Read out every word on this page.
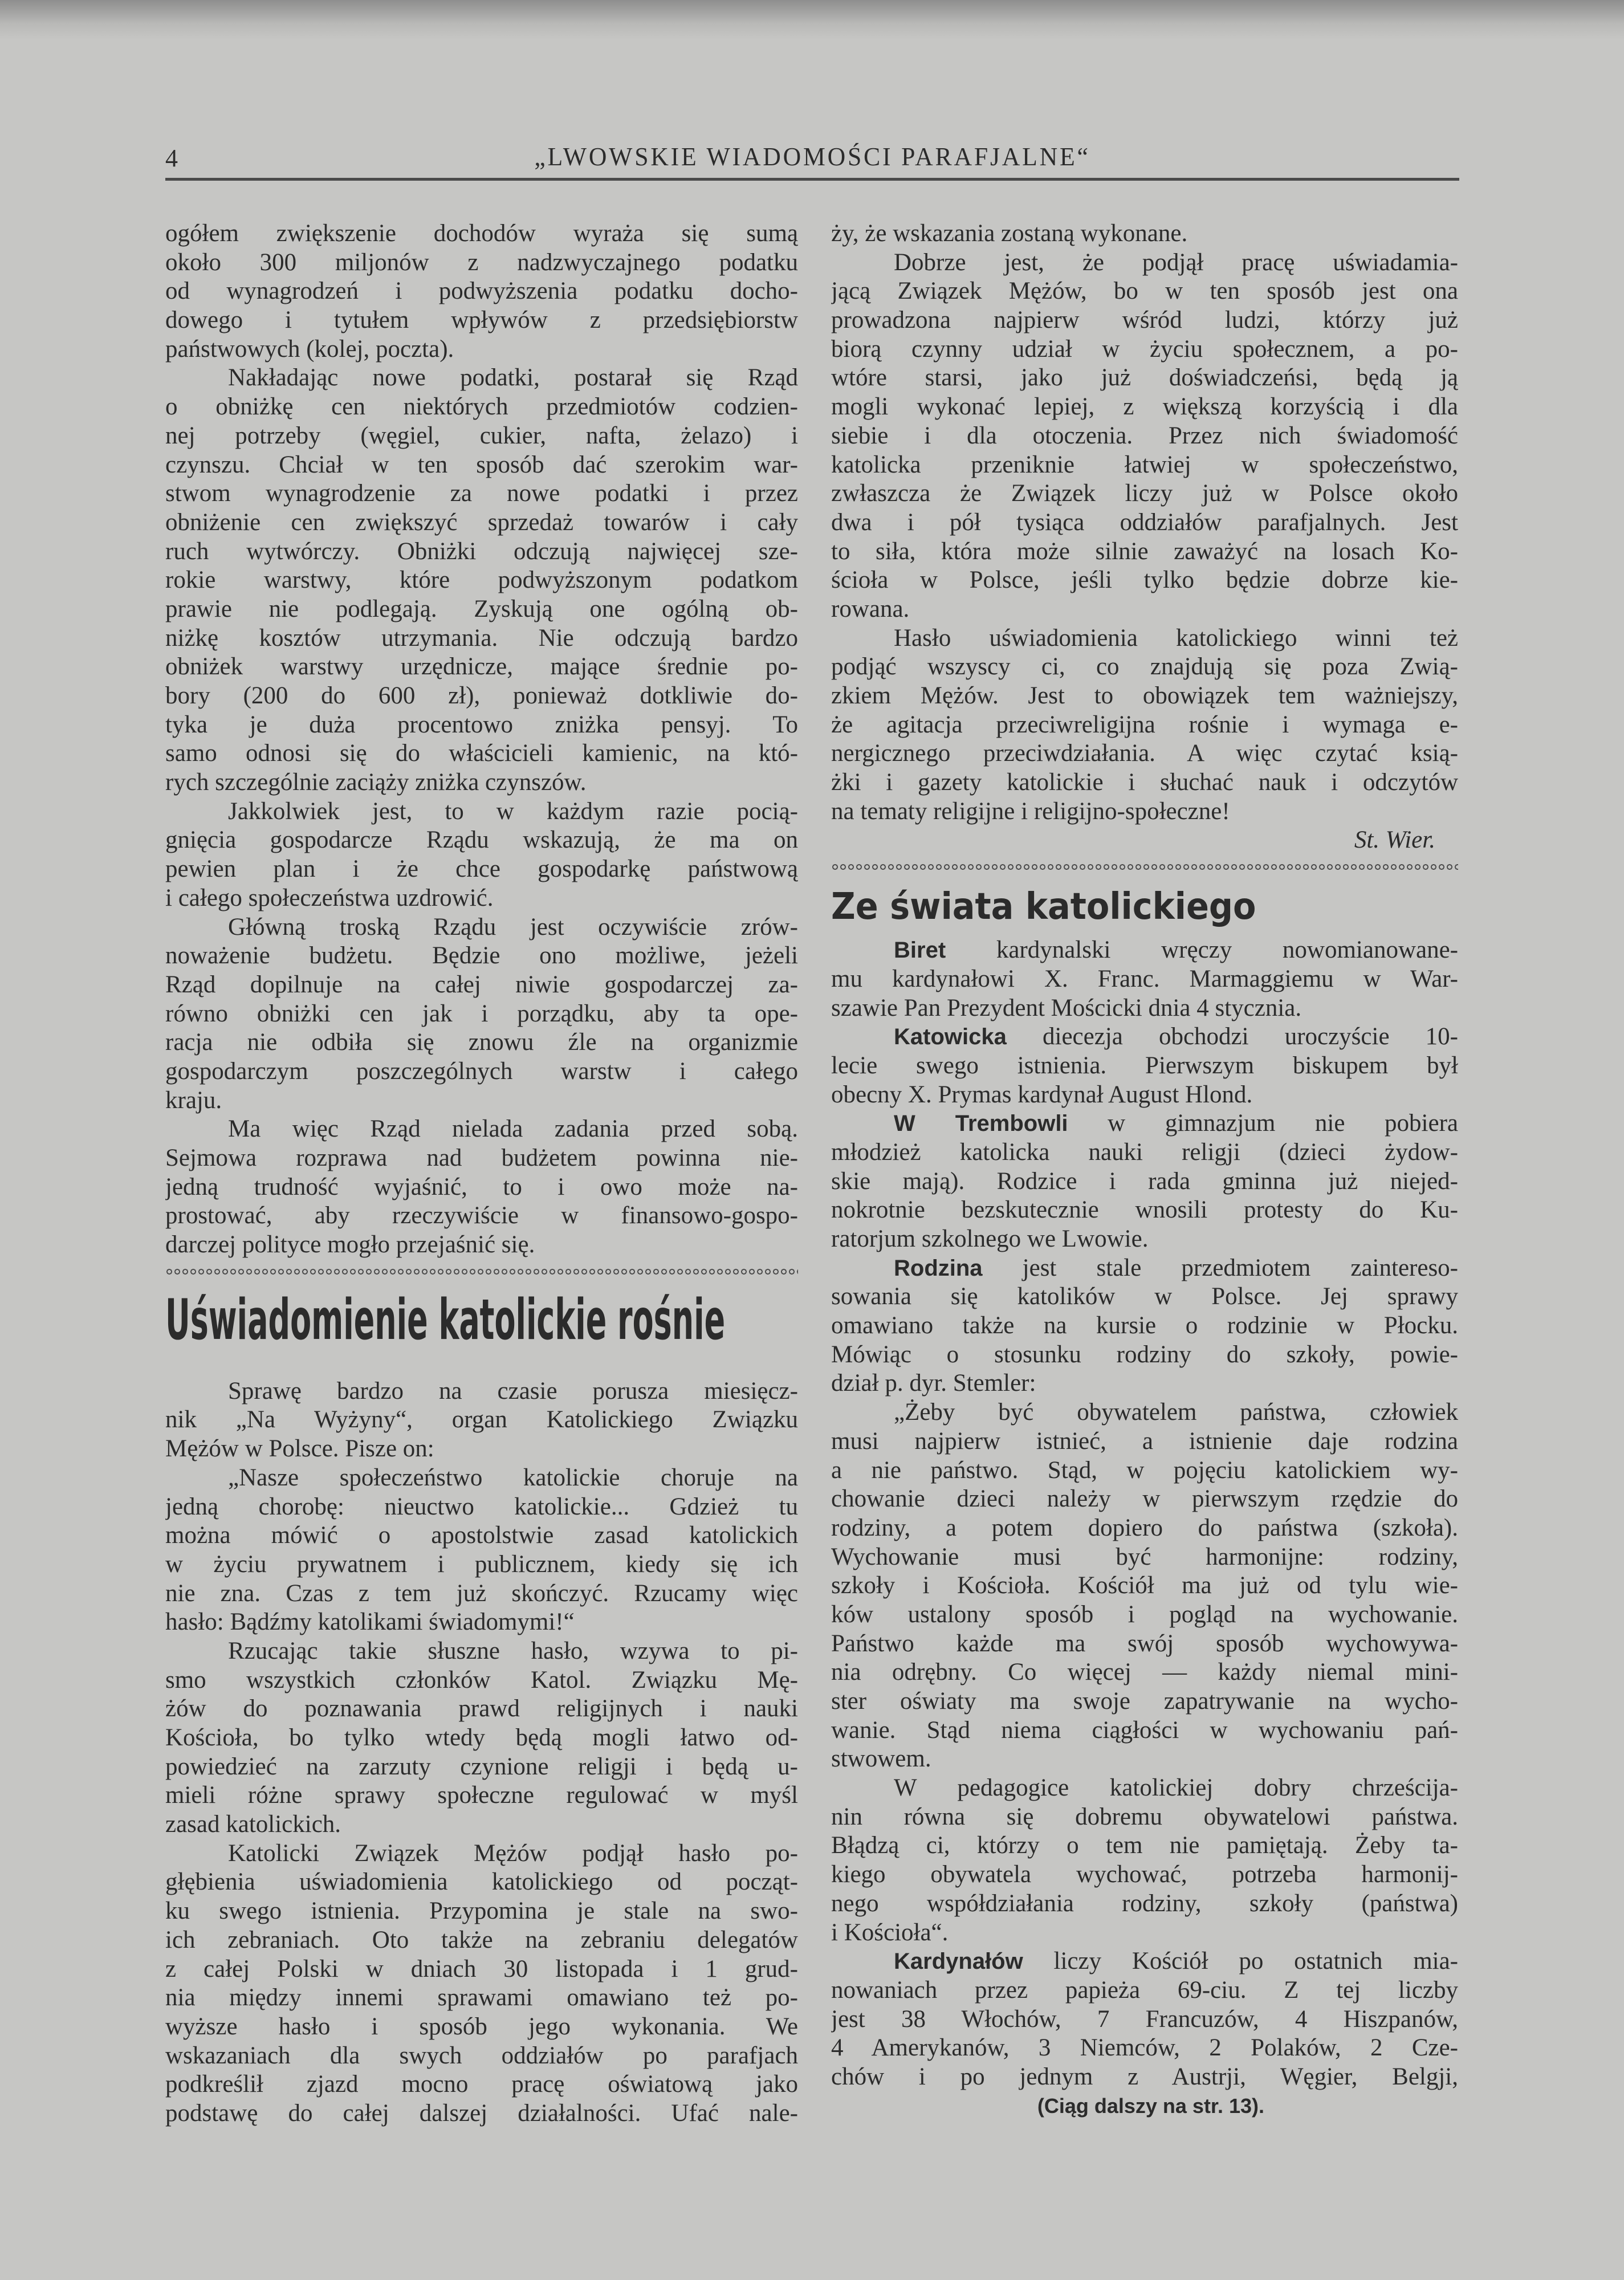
4	„LWOWSKIE WIADOMOŚCI PARAFJALNE“
ogółem zwiększenie dochodów wyraża się sumą
około 300 miljonów z nadzwyczajnego podatku
od wynagrodzeń i podwyższenia podatku docho-
dowego i tytułem wpływów z przedsiębiorstw
państwowych (kolej, poczta).
Nakładając nowe podatki, postarał się Rząd
o obniżkę cen niektórych przedmiotów codzien-
nej potrzeby (węgiel, cukier, nafta, żelazo) i
czynszu. Chciał w ten sposób dać szerokim war-
stwom wynagrodzenie za nowe podatki i przez
obniżenie cen zwiększyć sprzedaż towarów i cały
ruch wytwórczy. Obniżki odczują najwięcej sze-
rokie warstwy, które podwyższonym podatkom
prawie nie podlegają. Zyskują one ogólną ob-
niżkę kosztów utrzymania. Nie odczują bardzo
obniżek warstwy urzędnicze, mające średnie po-
bory (200 do 600 zł), ponieważ dotkliwie do-
tyka je duża procentowo zniżka pensyj. To
samo odnosi się do właścicieli kamienic, na któ-
rych szczególnie zaciąży zniżka czynszów.
Jakkolwiek jest, to w każdym razie pocią-
gnięcia gospodarcze Rządu wskazują, że ma on
pewien plan i że chce gospodarkę państwową
i całego społeczeństwa uzdrowić.
Główną troską Rządu jest oczywiście zrów-
noważenie budżetu. Będzie ono możliwe, jeżeli
Rząd dopilnuje na całej niwie gospodarczej za-
równo obniżki cen jak i porządku, aby ta ope-
racja nie odbiła się znowu źle na organizmie
gospodarczym poszczególnych warstw i całego
kraju.
Ma więc Rząd nielada zadania przed sobą.
Sejmowa rozprawa nad budżetem powinna nie-
jedną trudność wyjaśnić, to i owo może na-
prostować, aby rzeczywiście w finansowo-gospo-
darczej polityce mogło przejaśnić się.
Uświadomienie katolickie rośnie
Sprawę bardzo na czasie porusza miesięcz-
nik „Na Wyżyny“, organ Katolickiego Związku
Mężów w Polsce. Pisze on:
„Nasze społeczeństwo katolickie choruje na
jedną chorobę: nieuctwo katolickie... Gdzież tu
można mówić o apostolstwie zasad katolickich
w życiu prywatnem i publicznem, kiedy się ich
nie zna. Czas z tem już skończyć. Rzucamy więc
hasło: Bądźmy katolikami świadomymi!“
Rzucając takie słuszne hasło, wzywa to pi-
smo wszystkich członków Katol. Związku Mę-
żów do poznawania prawd religijnych i nauki
Kościoła, bo tylko wtedy będą mogli łatwo od-
powiedzieć na zarzuty czynione religji i będą u-
mieli różne sprawy społeczne regulować w myśl
zasad katolickich.
Katolicki Związek Mężów podjął hasło po-
głębienia uświadomienia katolickiego od począt-
ku swego istnienia. Przypomina je stale na swo-
ich zebraniach. Oto także na zebraniu delegatów
z całej Polski w dniach 30 listopada i 1 grud-
nia między innemi sprawami omawiano też po-
wyższe hasło i sposób jego wykonania. We
wskazaniach dla swych oddziałów po parafjach
podkreślił zjazd mocno pracę oświatową jako
podstawę do całej dalszej działalności. Ufać nale-
ży, że wskazania zostaną wykonane.
Dobrze jest, że podjął pracę uświadamia-
jącą Związek Mężów, bo w ten sposób jest ona
prowadzona najpierw wśród ludzi, którzy już
biorą czynny udział w życiu społecznem, a po-
wtóre starsi, jako już doświadczeńsi, będą ją
mogli wykonać lepiej, z większą korzyścią i dla
siebie i dla otoczenia. Przez nich świadomość
katolicka przeniknie łatwiej w społeczeństwo,
zwłaszcza że Związek liczy już w Polsce około
dwa i pół tysiąca oddziałów parafjalnych. Jest
to siła, która może silnie zaważyć na losach Ko-
ścioła w Polsce, jeśli tylko będzie dobrze kie-
rowana.
Hasło uświadomienia katolickiego winni też
podjąć wszyscy ci, co znajdują się poza Zwią-
zkiem Mężów. Jest to obowiązek tem ważniejszy,
że agitacja przeciwreligijna rośnie i wymaga e-
nergicznego przeciwdziałania. A więc czytać ksią-
żki i gazety katolickie i słuchać nauk i odczytów
na tematy religijne i religijno-społeczne!
St. Wier.
Ze świata katolickiego
Biret kardynalski wręczy nowomianowane-
mu kardynałowi X. Franc. Marmaggiemu w War-
szawie Pan Prezydent Mościcki dnia 4 stycznia.
Katowicka diecezja obchodzi uroczyście 10-
lecie swego istnienia. Pierwszym biskupem był
obecny X. Prymas kardynał August Hlond.
W Trembowli w gimnazjum nie pobiera
młodzież katolicka nauki religji (dzieci żydow-
skie mają). Rodzice i rada gminna już niejed-
nokrotnie bezskutecznie wnosili protesty do Ku-
ratorjum szkolnego we Lwowie.
Rodzina jest stale przedmiotem zaintereso-
sowania się katolików w Polsce. Jej sprawy
omawiano także na kursie o rodzinie w Płocku.
Mówiąc o stosunku rodziny do szkoły, powie-
dział p. dyr. Stemler:
„Żeby być obywatelem państwa, człowiek
musi najpierw istnieć, a istnienie daje rodzina
a nie państwo. Stąd, w pojęciu katolickiem wy-
chowanie dzieci należy w pierwszym rzędzie do
rodziny, a potem dopiero do państwa (szkoła).
Wychowanie musi być harmonijne: rodziny,
szkoły i Kościoła. Kościół ma już od tylu wie-
ków ustalony sposób i pogląd na wychowanie.
Państwo każde ma swój sposób wychowywa-
nia odrębny. Co więcej — każdy niemal mini-
ster oświaty ma swoje zapatrywanie na wycho-
wanie. Stąd niema ciągłości w wychowaniu pań-
stwowem.
W pedagogice katolickiej dobry chrześcija-
nin równa się dobremu obywatelowi państwa.
Błądzą ci, którzy o tem nie pamiętają. Żeby ta-
kiego obywatela wychować, potrzeba harmonij-
nego współdziałania rodziny, szkoły (państwa)
i Kościoła“.
Kardynałów liczy Kościół po ostatnich mia-
nowaniach przez papieża 69-ciu. Z tej liczby
jest 38 Włochów, 7 Francuzów, 4 Hiszpanów,
4 Amerykanów, 3 Niemców, 2 Polaków, 2 Cze-
chów i po jednym z Austrji, Węgier, Belgji,
(Ciąg dalszy na str. 13).
